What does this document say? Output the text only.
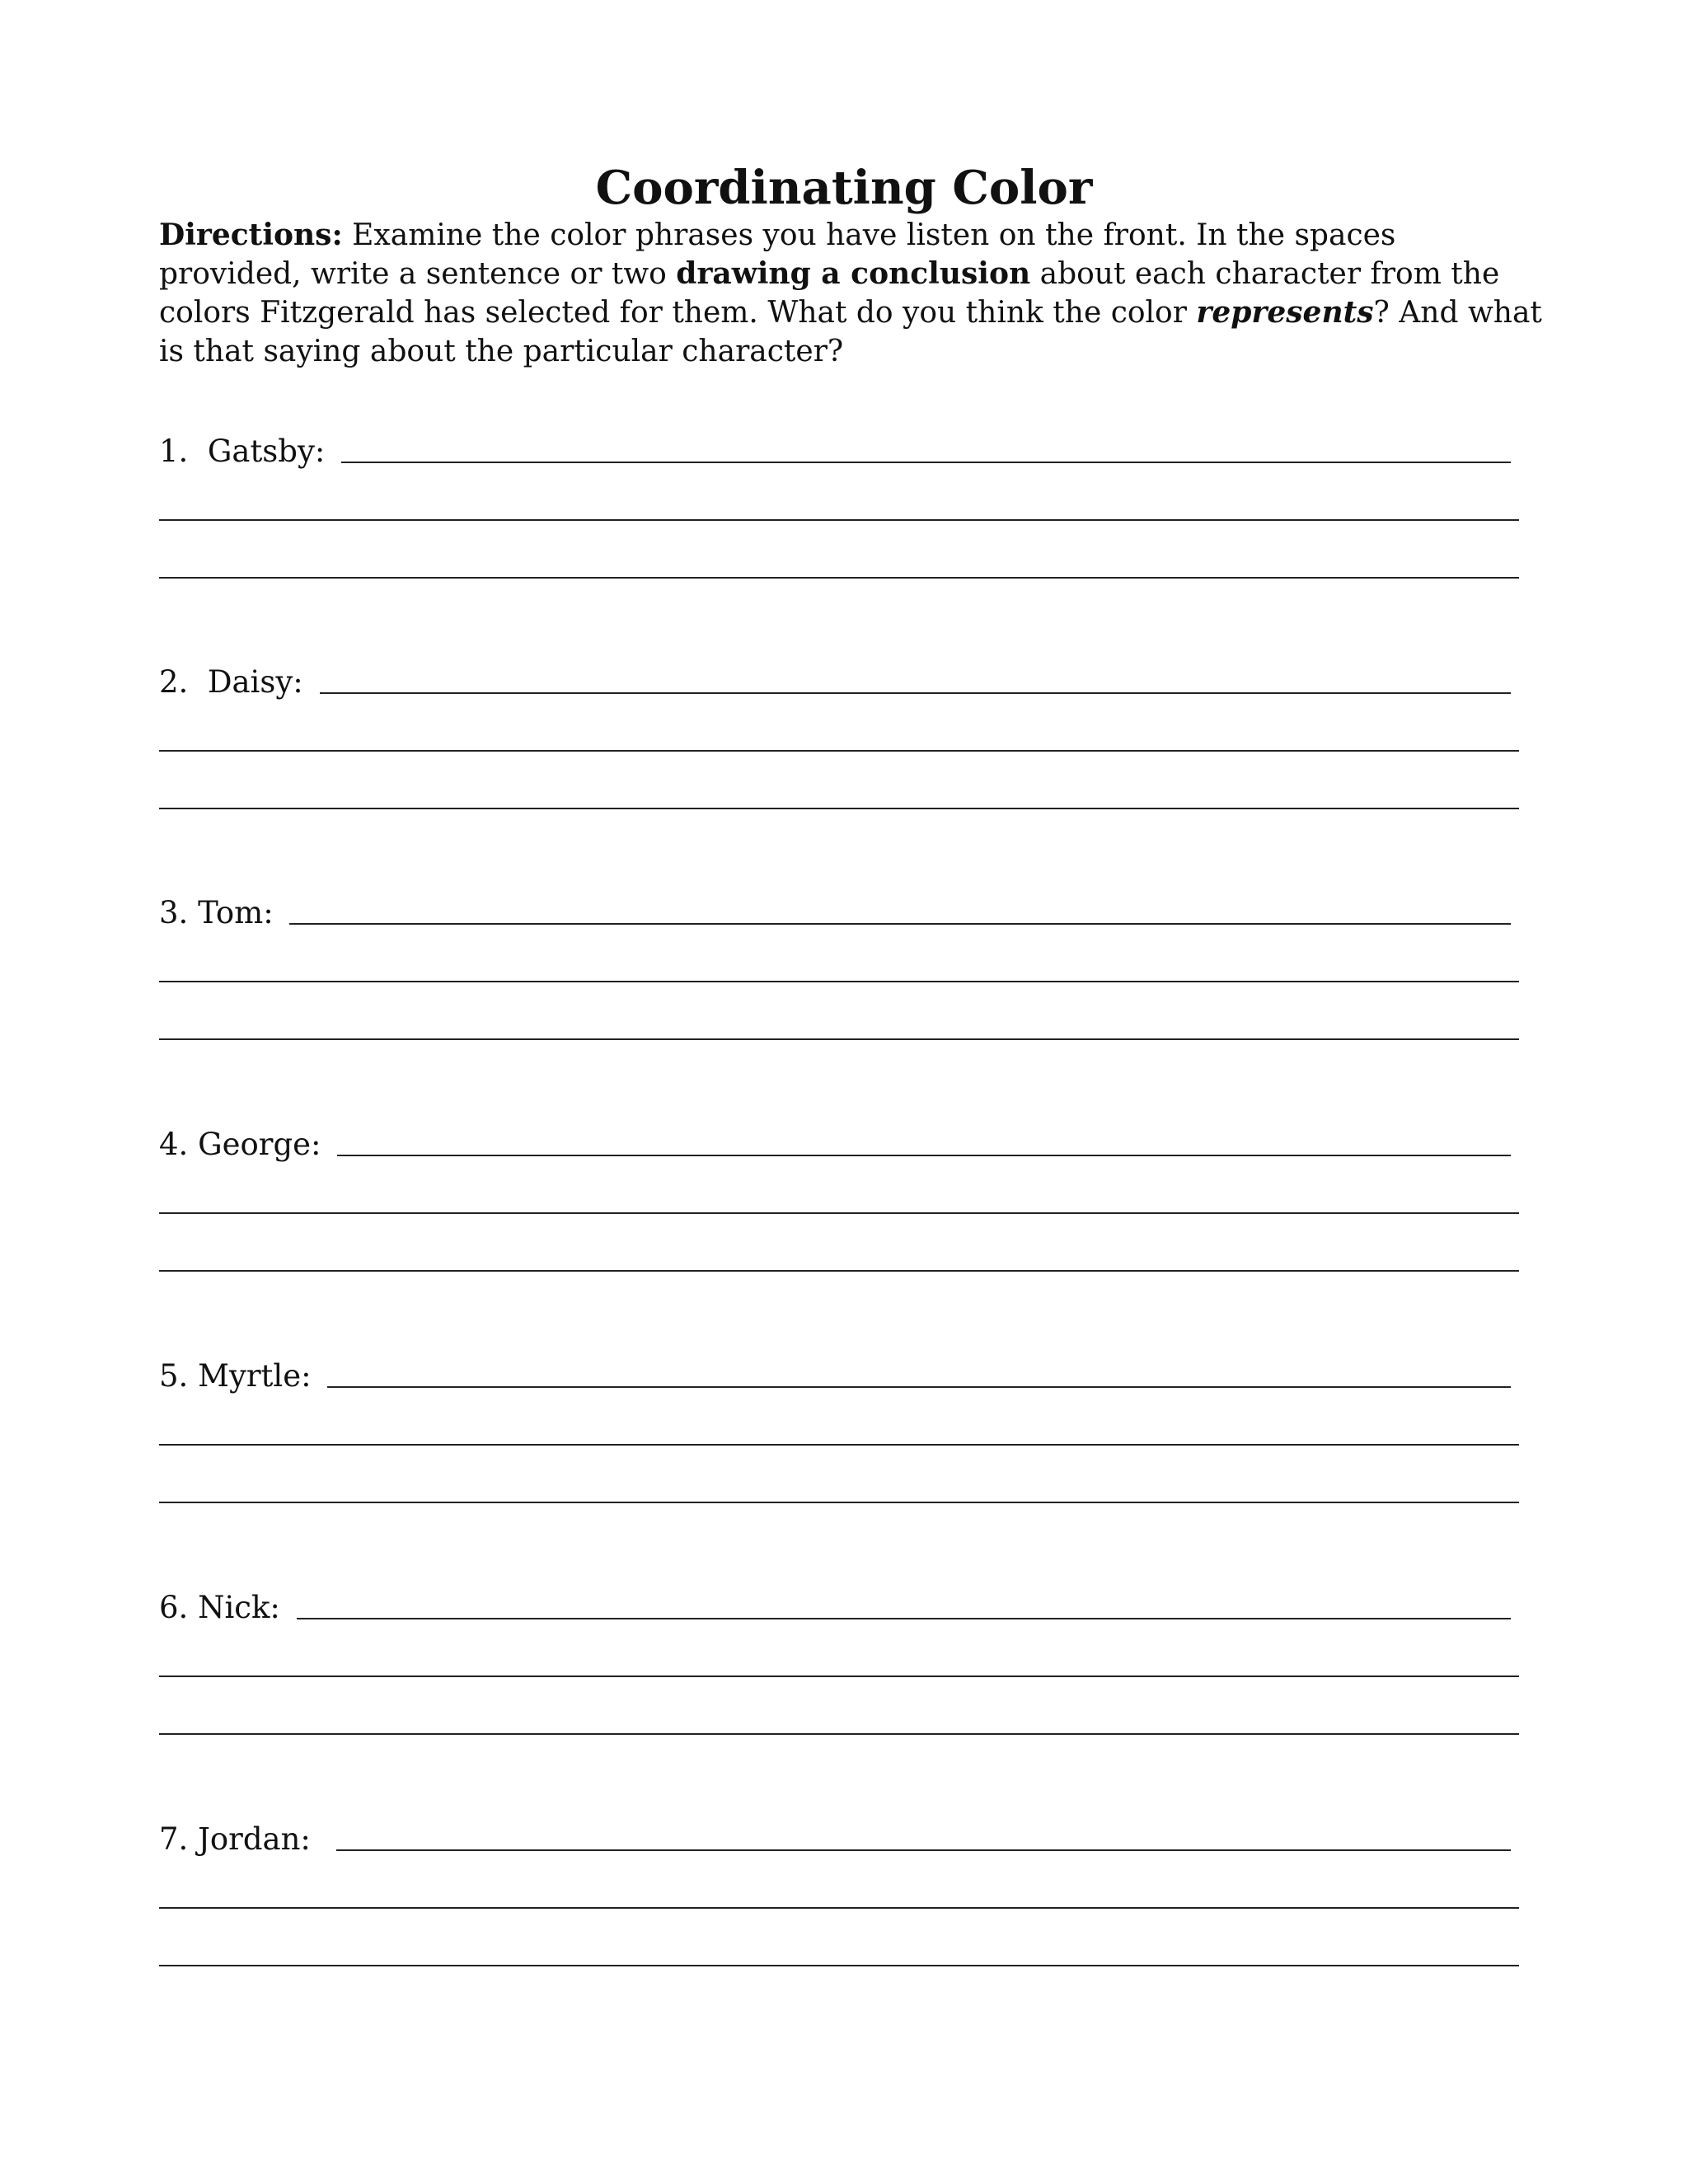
Coordinating Color

Directions: Examine the color phrases you have listen on the front. In the spaces provided, write a sentence or two drawing a conclusion about each character from the colors Fitzgerald has selected for them. What do you think the color represents? And what is that saying about the particular character?

1.  Gatsby:
2.  Daisy:
3. Tom:
4. George:
5. Myrtle:
6. Nick:
7. Jordan:
